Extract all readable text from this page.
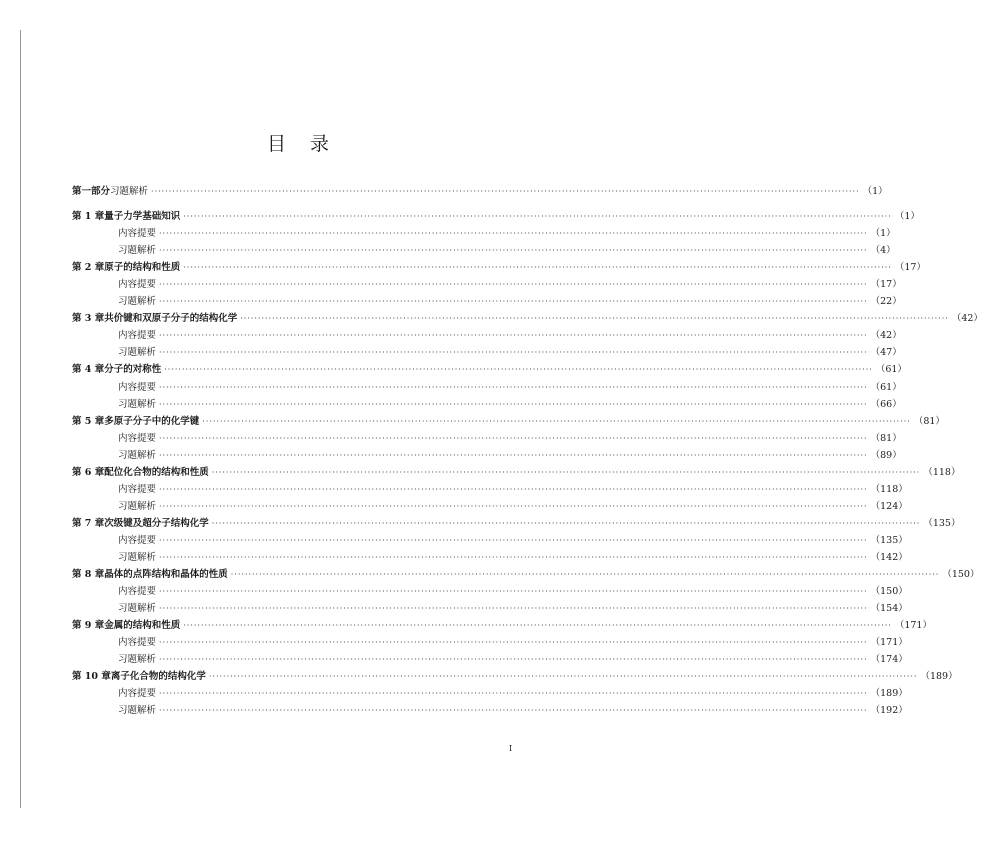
目录
第一部分 习题解析 ········································································································································································································ （1）
第 1 章 量子力学基础知识 ········································································································································································································ （1）
内容提要 ········································································································································································································ （1）
习题解析 ········································································································································································································ （4）
第 2 章 原子的结构和性质 ········································································································································································································ （17）
内容提要 ········································································································································································································ （17）
习题解析 ········································································································································································································ （22）
第 3 章 共价键和双原子分子的结构化学 ········································································································································································································ （42）
内容提要 ········································································································································································································ （42）
习题解析 ········································································································································································································ （47）
第 4 章 分子的对称性 ········································································································································································································ （61）
内容提要 ········································································································································································································ （61）
习题解析 ········································································································································································································ （66）
第 5 章 多原子分子中的化学键 ········································································································································································································ （81）
内容提要 ········································································································································································································ （81）
习题解析 ········································································································································································································ （89）
第 6 章 配位化合物的结构和性质 ········································································································································································································ （118）
内容提要 ········································································································································································································ （118）
习题解析 ········································································································································································································ （124）
第 7 章 次级键及超分子结构化学 ········································································································································································································ （135）
内容提要 ········································································································································································································ （135）
习题解析 ········································································································································································································ （142）
第 8 章 晶体的点阵结构和晶体的性质 ········································································································································································································ （150）
内容提要 ········································································································································································································ （150）
习题解析 ········································································································································································································ （154）
第 9 章 金属的结构和性质 ········································································································································································································ （171）
内容提要 ········································································································································································································ （171）
习题解析 ········································································································································································································ （174）
第 10 章 离子化合物的结构化学 ········································································································································································································ （189）
内容提要 ········································································································································································································ （189）
习题解析 ········································································································································································································ （192）
I
